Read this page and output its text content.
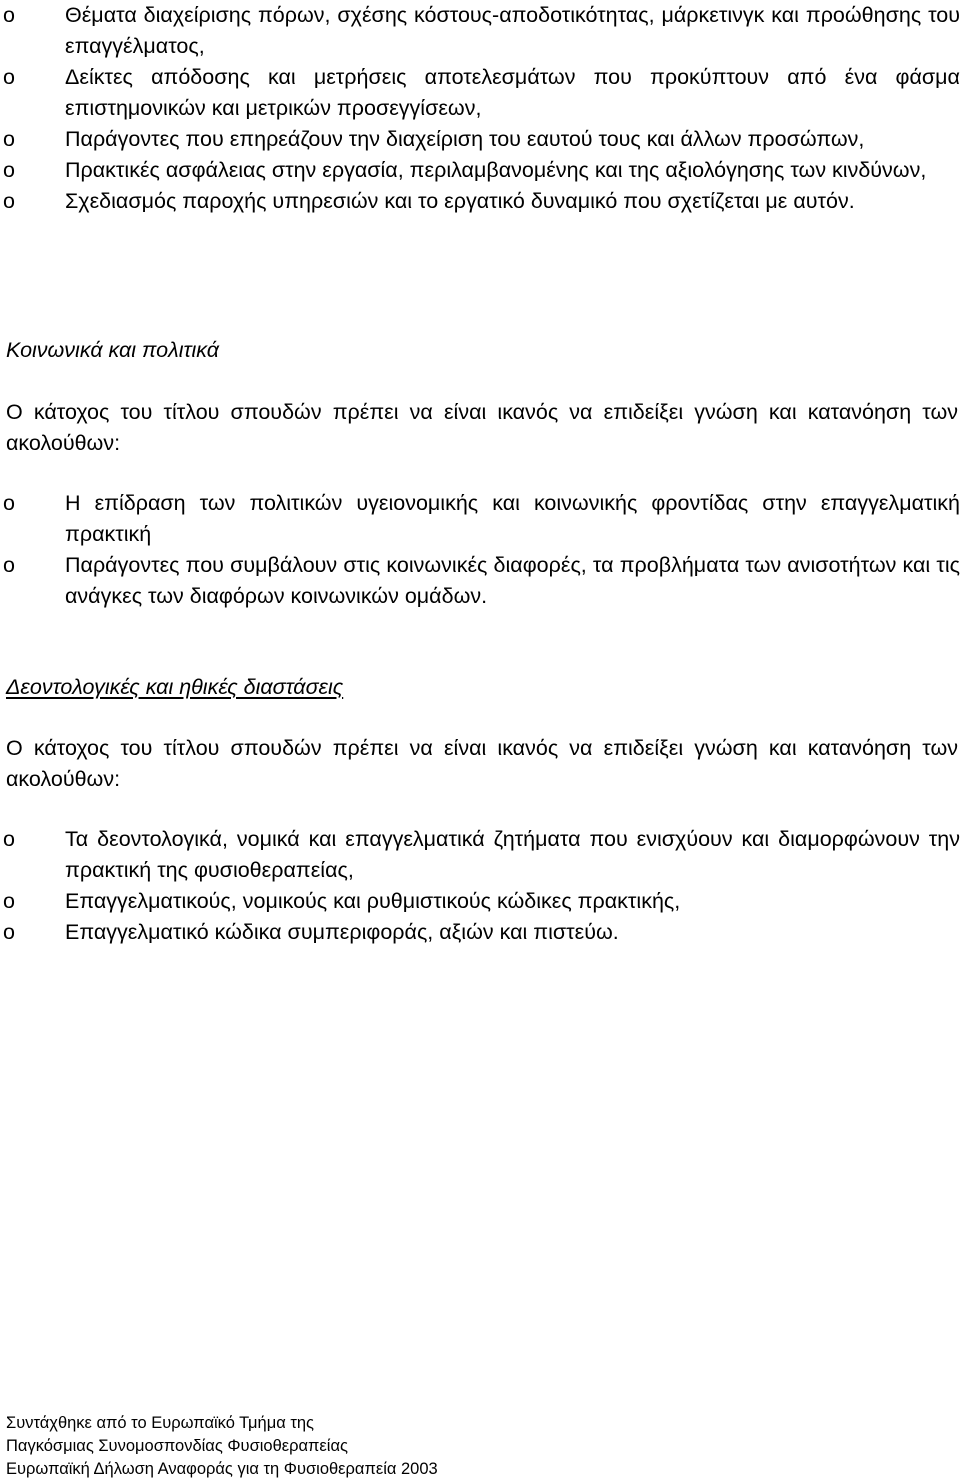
o Θέματα διαχείρισης πόρων, σχέσης κόστους-αποδοτικότητας, μάρκετινγκ και προώθησης του επαγγέλματος,
o Δείκτες απόδοσης και μετρήσεις αποτελεσμάτων που προκύπτουν από ένα φάσμα επιστημονικών και μετρικών προσεγγίσεων,
o Παράγοντες που επηρεάζουν την διαχείριση του εαυτού τους και άλλων προσώπων,
o Πρακτικές ασφάλειας στην εργασία, περιλαμβανομένης και της αξιολόγησης των κινδύνων,
o Σχεδιασμός παροχής υπηρεσιών και το εργατικό δυναμικό που σχετίζεται με αυτόν.
Κοινωνικά και πολιτικά
Ο κάτοχος του τίτλου σπουδών πρέπει να είναι ικανός να επιδείξει γνώση και κατανόηση των ακολούθων:
o Η επίδραση των πολιτικών υγειονομικής και κοινωνικής φροντίδας στην επαγγελματική πρακτική
o Παράγοντες που συμβάλουν στις κοινωνικές διαφορές, τα προβλήματα των ανισοτήτων και τις ανάγκες των διαφόρων κοινωνικών ομάδων.
Δεοντολογικές και ηθικές διαστάσεις
Ο κάτοχος του τίτλου σπουδών πρέπει να είναι ικανός να επιδείξει γνώση και κατανόηση των ακολούθων:
o Τα δεοντολογικά, νομικά και επαγγελματικά ζητήματα που ενισχύουν και διαμορφώνουν την πρακτική της φυσιοθεραπείας,
o Επαγγελματικούς, νομικούς και ρυθμιστικούς κώδικες πρακτικής,
o Επαγγελματικό κώδικα συμπεριφοράς, αξιών και πιστεύω.
Συντάχθηκε από το Ευρωπαϊκό Τμήμα της
Παγκόσμιας Συνομοσπονδίας Φυσιοθεραπείας
Ευρωπαϊκή Δήλωση Αναφοράς για τη Φυσιοθεραπεία 2003
